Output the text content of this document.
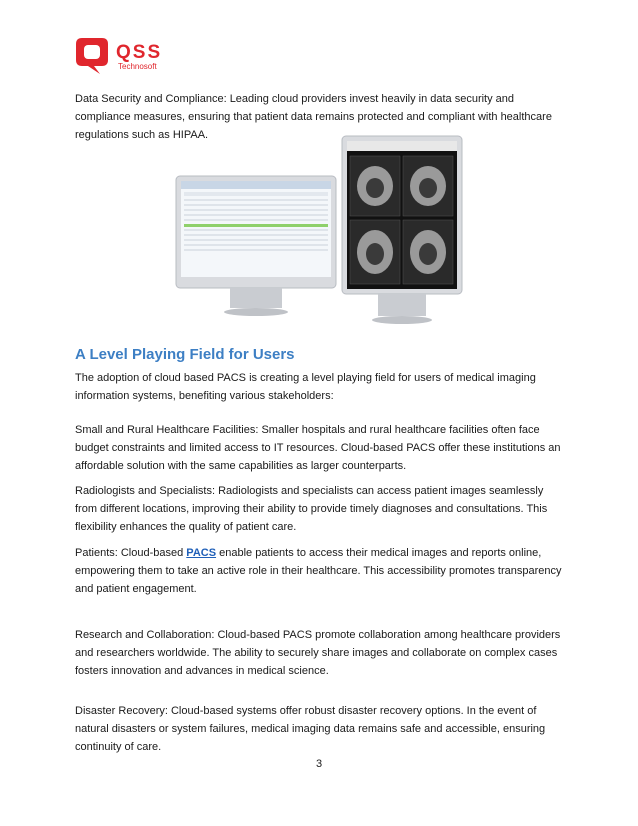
QSS
Technosoft

Data Security and Compliance: Leading cloud providers invest heavily in data security and compliance measures, ensuring that patient data remains protected and compliant with healthcare regulations such as HIPAA.

A Level Playing Field for Users

The adoption of cloud based PACS is creating a level playing field for users of medical imaging information systems, benefiting various stakeholders:

Small and Rural Healthcare Facilities: Smaller hospitals and rural healthcare facilities often face budget constraints and limited access to IT resources. Cloud-based PACS offer these institutions an affordable solution with the same capabilities as larger counterparts.

Radiologists and Specialists: Radiologists and specialists can access patient images seamlessly from different locations, improving their ability to provide timely diagnoses and consultations. This flexibility enhances the quality of patient care.

Patients: Cloud-based PACS enable patients to access their medical images and reports online, empowering them to take an active role in their healthcare. This accessibility promotes transparency and patient engagement.

Research and Collaboration: Cloud-based PACS promote collaboration among healthcare providers and researchers worldwide. The ability to securely share images and collaborate on complex cases fosters innovation and advances in medical science.

Disaster Recovery: Cloud-based systems offer robust disaster recovery options. In the event of natural disasters or system failures, medical imaging data remains safe and accessible, ensuring continuity of care.

3
